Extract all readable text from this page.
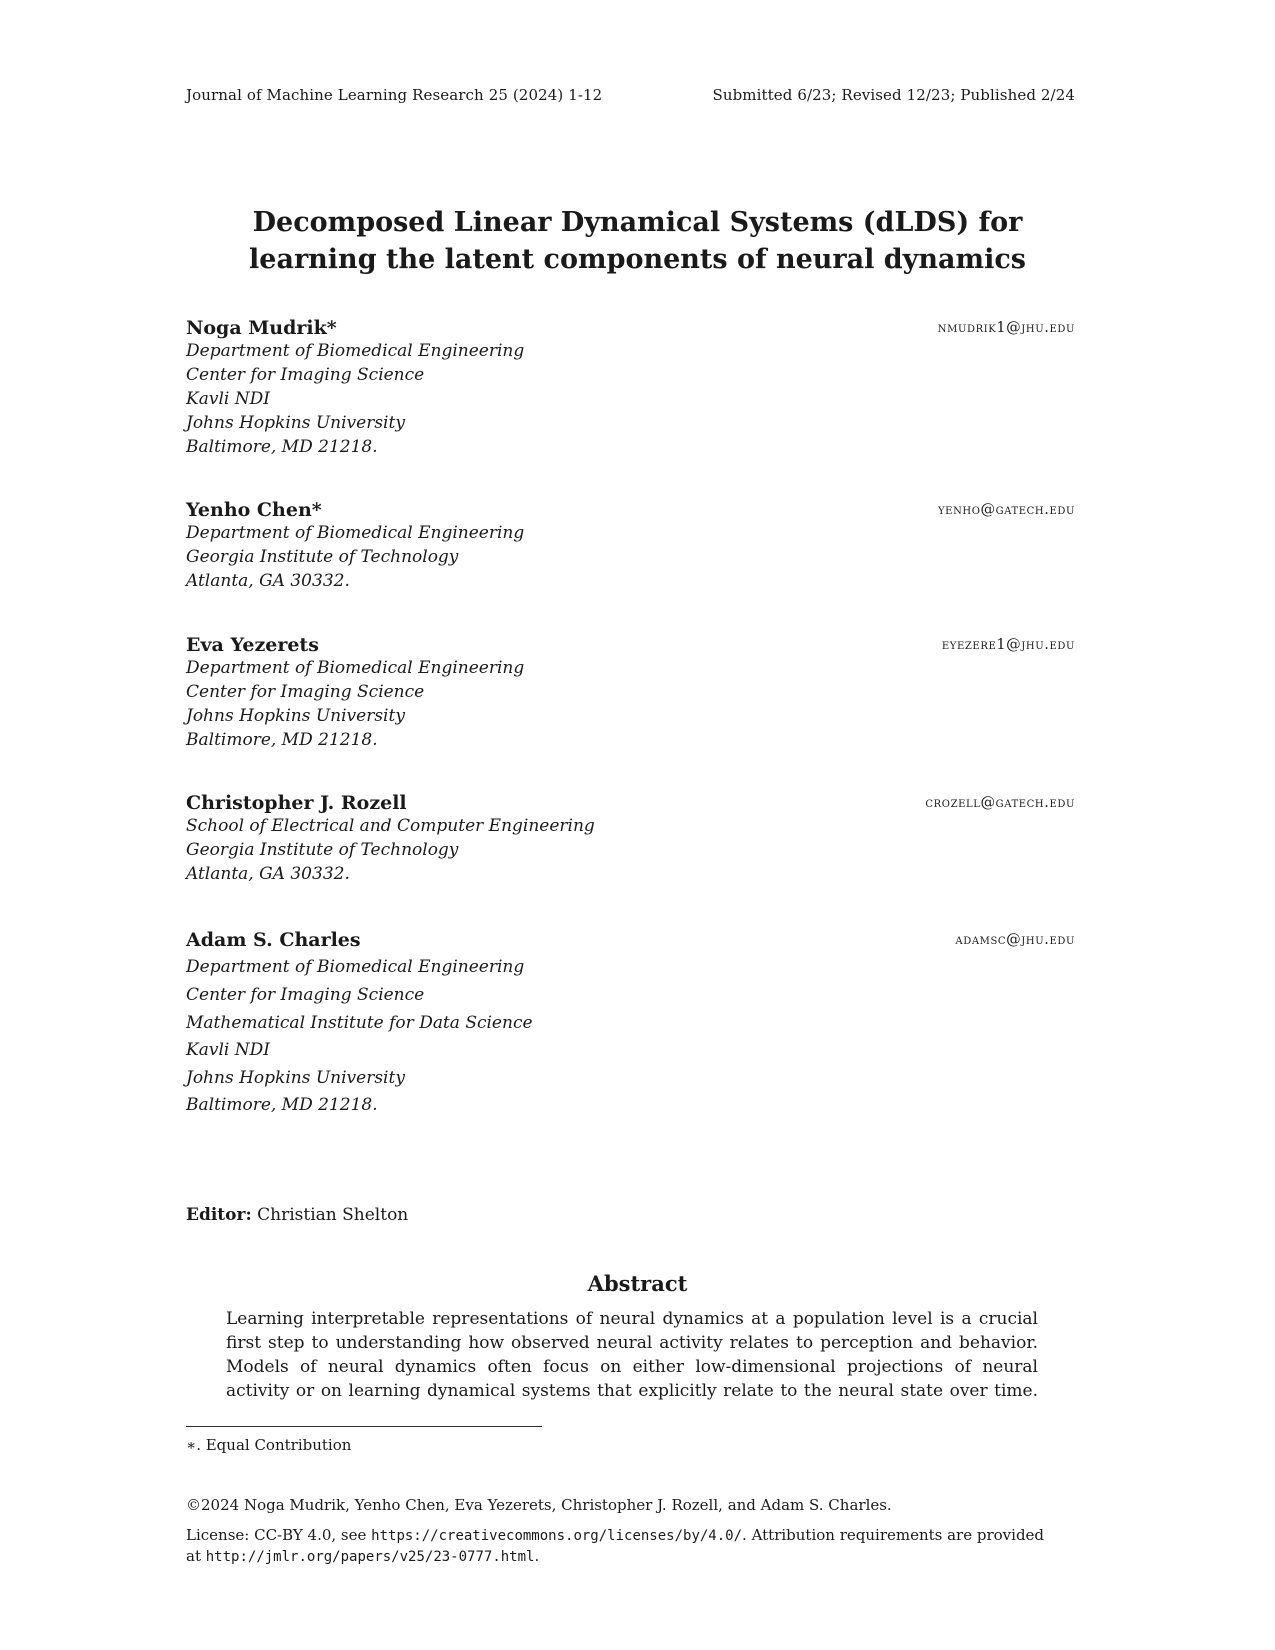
Journal of Machine Learning Research 25 (2024) 1-12	Submitted 6/23; Revised 12/23; Published 2/24
Decomposed Linear Dynamical Systems (dLDS) for
learning the latent components of neural dynamics
Noga Mudrik*	nmudrik1@jhu.edu
Department of Biomedical Engineering
Center for Imaging Science
Kavli NDI
Johns Hopkins University
Baltimore, MD 21218.
Yenho Chen*	yenho@gatech.edu
Department of Biomedical Engineering
Georgia Institute of Technology
Atlanta, GA 30332.
Eva Yezerets	eyezere1@jhu.edu
Department of Biomedical Engineering
Center for Imaging Science
Johns Hopkins University
Baltimore, MD 21218.
Christopher J. Rozell	crozell@gatech.edu
School of Electrical and Computer Engineering
Georgia Institute of Technology
Atlanta, GA 30332.
Adam S. Charles	adamsc@jhu.edu
Department of Biomedical Engineering
Center for Imaging Science
Mathematical Institute for Data Science
Kavli NDI
Johns Hopkins University
Baltimore, MD 21218.
Editor: Christian Shelton
Abstract
Learning interpretable representations of neural dynamics at a population level is a crucial
first step to understanding how observed neural activity relates to perception and behavior.
Models of neural dynamics often focus on either low-dimensional projections of neural
activity or on learning dynamical systems that explicitly relate to the neural state over time.
∗. Equal Contribution
©2024 Noga Mudrik, Yenho Chen, Eva Yezerets, Christopher J. Rozell, and Adam S. Charles.
License: CC-BY 4.0, see https://creativecommons.org/licenses/by/4.0/. Attribution requirements are provided
at http://jmlr.org/papers/v25/23-0777.html.
